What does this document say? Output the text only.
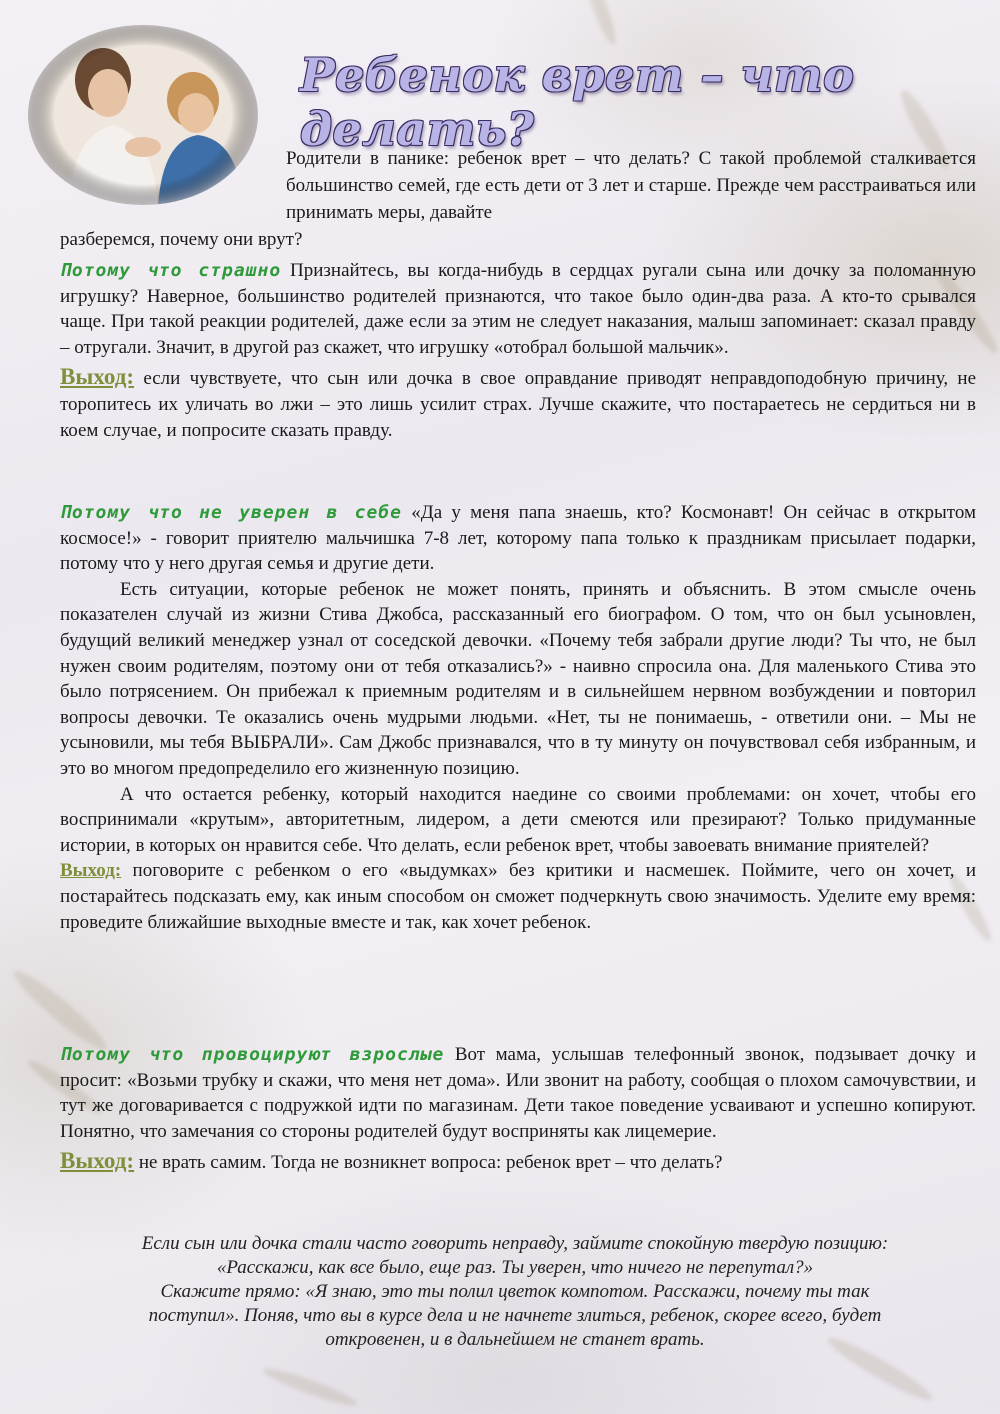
Ребенок врет – что делать?

Родители в панике: ребенок врет – что делать? С такой проблемой сталкивается большинство семей, где есть дети от 3 лет и старше. Прежде чем расстраиваться или принимать меры, давайте

разберемся, почему они врут?

Потому что страшно Признайтесь, вы когда-нибудь в сердцах ругали сына или дочку за поломанную игрушку? Наверное, большинство родителей признаются, что такое было один-два раза. А кто-то срывался чаще. При такой реакции родителей, даже если за этим не следует наказания, малыш запоминает: сказал правду – отругали. Значит, в другой раз скажет, что игрушку «отобрал большой мальчик».

Выход: если чувствуете, что сын или дочка в свое оправдание приводят неправдоподобную причину, не торопитесь их уличать во лжи – это лишь усилит страх. Лучше скажите, что постараетесь не сердиться ни в коем случае, и попросите сказать правду.

Потому что не уверен в себе «Да у меня папа знаешь, кто? Космонавт! Он сейчас в открытом космосе!» - говорит приятелю мальчишка 7-8 лет, которому папа только к праздникам присылает подарки, потому что у него другая семья и другие дети.

Есть ситуации, которые ребенок не может понять, принять и объяснить. В этом смысле очень показателен случай из жизни Стива Джобса, рассказанный его биографом. О том, что он был усыновлен, будущий великий менеджер узнал от соседской девочки. «Почему тебя забрали другие люди? Ты что, не был нужен своим родителям, поэтому они от тебя отказались?» - наивно спросила она. Для маленького Стива это было потрясением. Он прибежал к приемным родителям и в сильнейшем нервном возбуждении и повторил вопросы девочки. Те оказались очень мудрыми людьми. «Нет, ты не понимаешь, - ответили они. – Мы не усыновили, мы тебя ВЫБРАЛИ». Сам Джобс признавался, что в ту минуту он почувствовал себя избранным, и это во многом предопределило его жизненную позицию.

А что остается ребенку, который находится наедине со своими проблемами: он хочет, чтобы его воспринимали «крутым», авторитетным, лидером, а дети смеются или презирают? Только придуманные истории, в которых он нравится себе. Что делать, если ребенок врет, чтобы завоевать внимание приятелей?

Выход: поговорите с ребенком о его «выдумках» без критики и насмешек. Поймите, чего он хочет, и постарайтесь подсказать ему, как иным способом он сможет подчеркнуть свою значимость. Уделите ему время: проведите ближайшие выходные вместе и так, как хочет ребенок.

Потому что провоцируют взрослые Вот мама, услышав телефонный звонок, подзывает дочку и просит: «Возьми трубку и скажи, что меня нет дома». Или звонит на работу, сообщая о плохом самочувствии, и тут же договаривается с подружкой идти по магазинам. Дети такое поведение усваивают и успешно копируют. Понятно, что замечания со стороны родителей будут восприняты как лицемерие.

Выход: не врать самим. Тогда не возникнет вопроса: ребенок врет – что делать?

Если сын или дочка стали часто говорить неправду, займите спокойную твердую позицию:
«Расскажи, как все было, еще раз. Ты уверен, что ничего не перепутал?»
Скажите прямо: «Я знаю, это ты полил цветок компотом. Расскажи, почему ты так
поступил». Поняв, что вы в курсе дела и не начнете злиться, ребенок, скорее всего, будет
откровенен, и в дальнейшем не станет врать.
